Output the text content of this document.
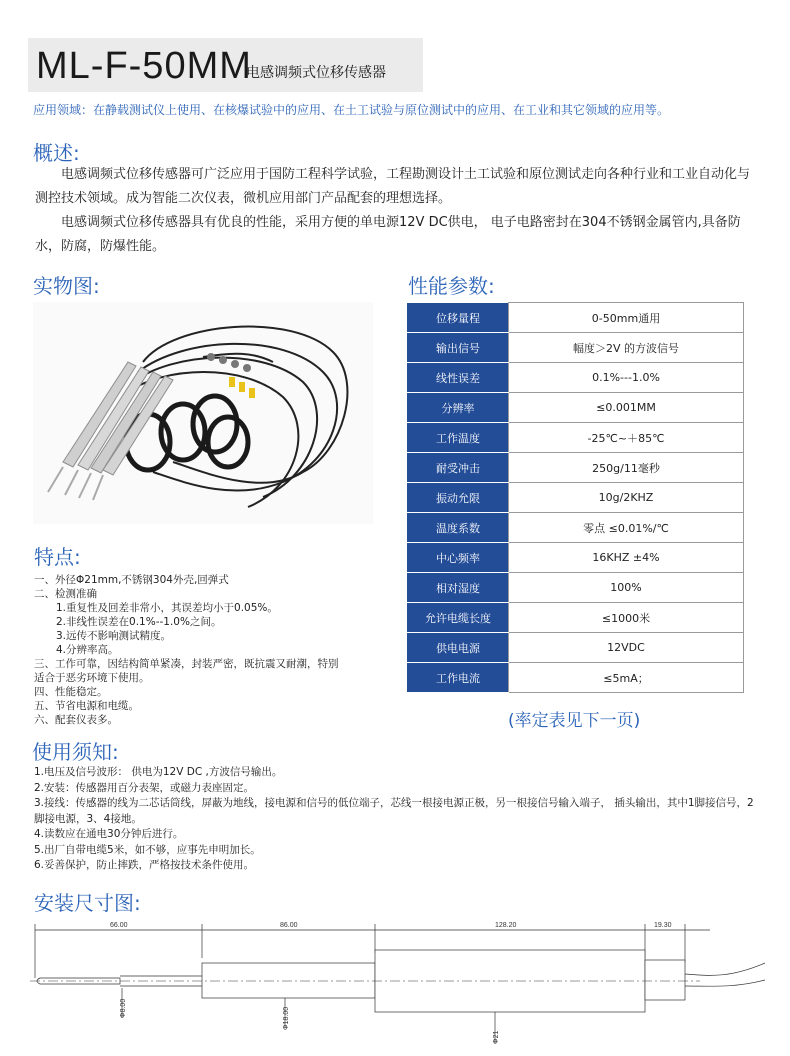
ML-F-50MM
电感调频式位移传感器
应用领域：在静载测试仪上使用、在核爆试验中的应用、在土工试验与原位测试中的应用、在工业和其它领域的应用等。
概述:

电感调频式位移传感器可广泛应用于国防工程科学试验，工程勘测设计土工试验和原位测试走向各种行业和工业自动化与测控技术领域。成为智能二次仪表，微机应用部门产品配套的理想选择。

电感调频式位移传感器具有优良的性能，采用方便的单电源12V DC供电， 电子电路密封在304不锈钢金属管内,具备防水，防腐，防爆性能。

实物图:	性能参数:
位移量程	0-50mm通用
输出信号	幅度＞2V 的方波信号
线性误差	0.1%---1.0%
分辨率	≤0.001MM
工作温度	-25℃~＋85℃
耐受冲击	250g/11毫秒
振动允限	10g/2KHZ
温度系数	零点 ≤0.01%/℃
中心频率	16KHZ ±4%
相对湿度	100%
允许电缆长度	≤1000米
供电电源	12VDC
工作电流	≤5mA；
(率定表见下一页)
特点:
一、外径Φ21mm,不锈钢304外壳,回弹式
二、检测准确
1.重复性及回差非常小，其误差均小于0.05%。
2.非线性误差在0.1%--1.0%之间。
3.远传不影响测试精度。
4.分辨率高。
三、工作可靠，因结构简单紧凑，封装严密，既抗震又耐潮，特别
适合于恶劣环境下使用。
四、性能稳定。
五、节省电源和电缆。
六、配套仪表多。
使用须知:
1.电压及信号波形： 供电为12V DC ,方波信号输出。
2.安装：传感器用百分表架，或磁力表座固定。
3.接线：传感器的线为二芯话筒线，屏蔽为地线，接电源和信号的低位端子，芯线一根接电源正极，另一根接信号输入端子， 插头输出，其中1脚接信号，2脚接电源，3、4接地。
4.读数应在通电30分钟后进行。
5.出厂自带电缆5米，如不够，应事先申明加长。
6.妥善保护，防止摔跌，严格按技术条件使用。
安装尺寸图:
66.00	86.00	128.20	19.30
Φ8.00	Φ18.00
Φ21
